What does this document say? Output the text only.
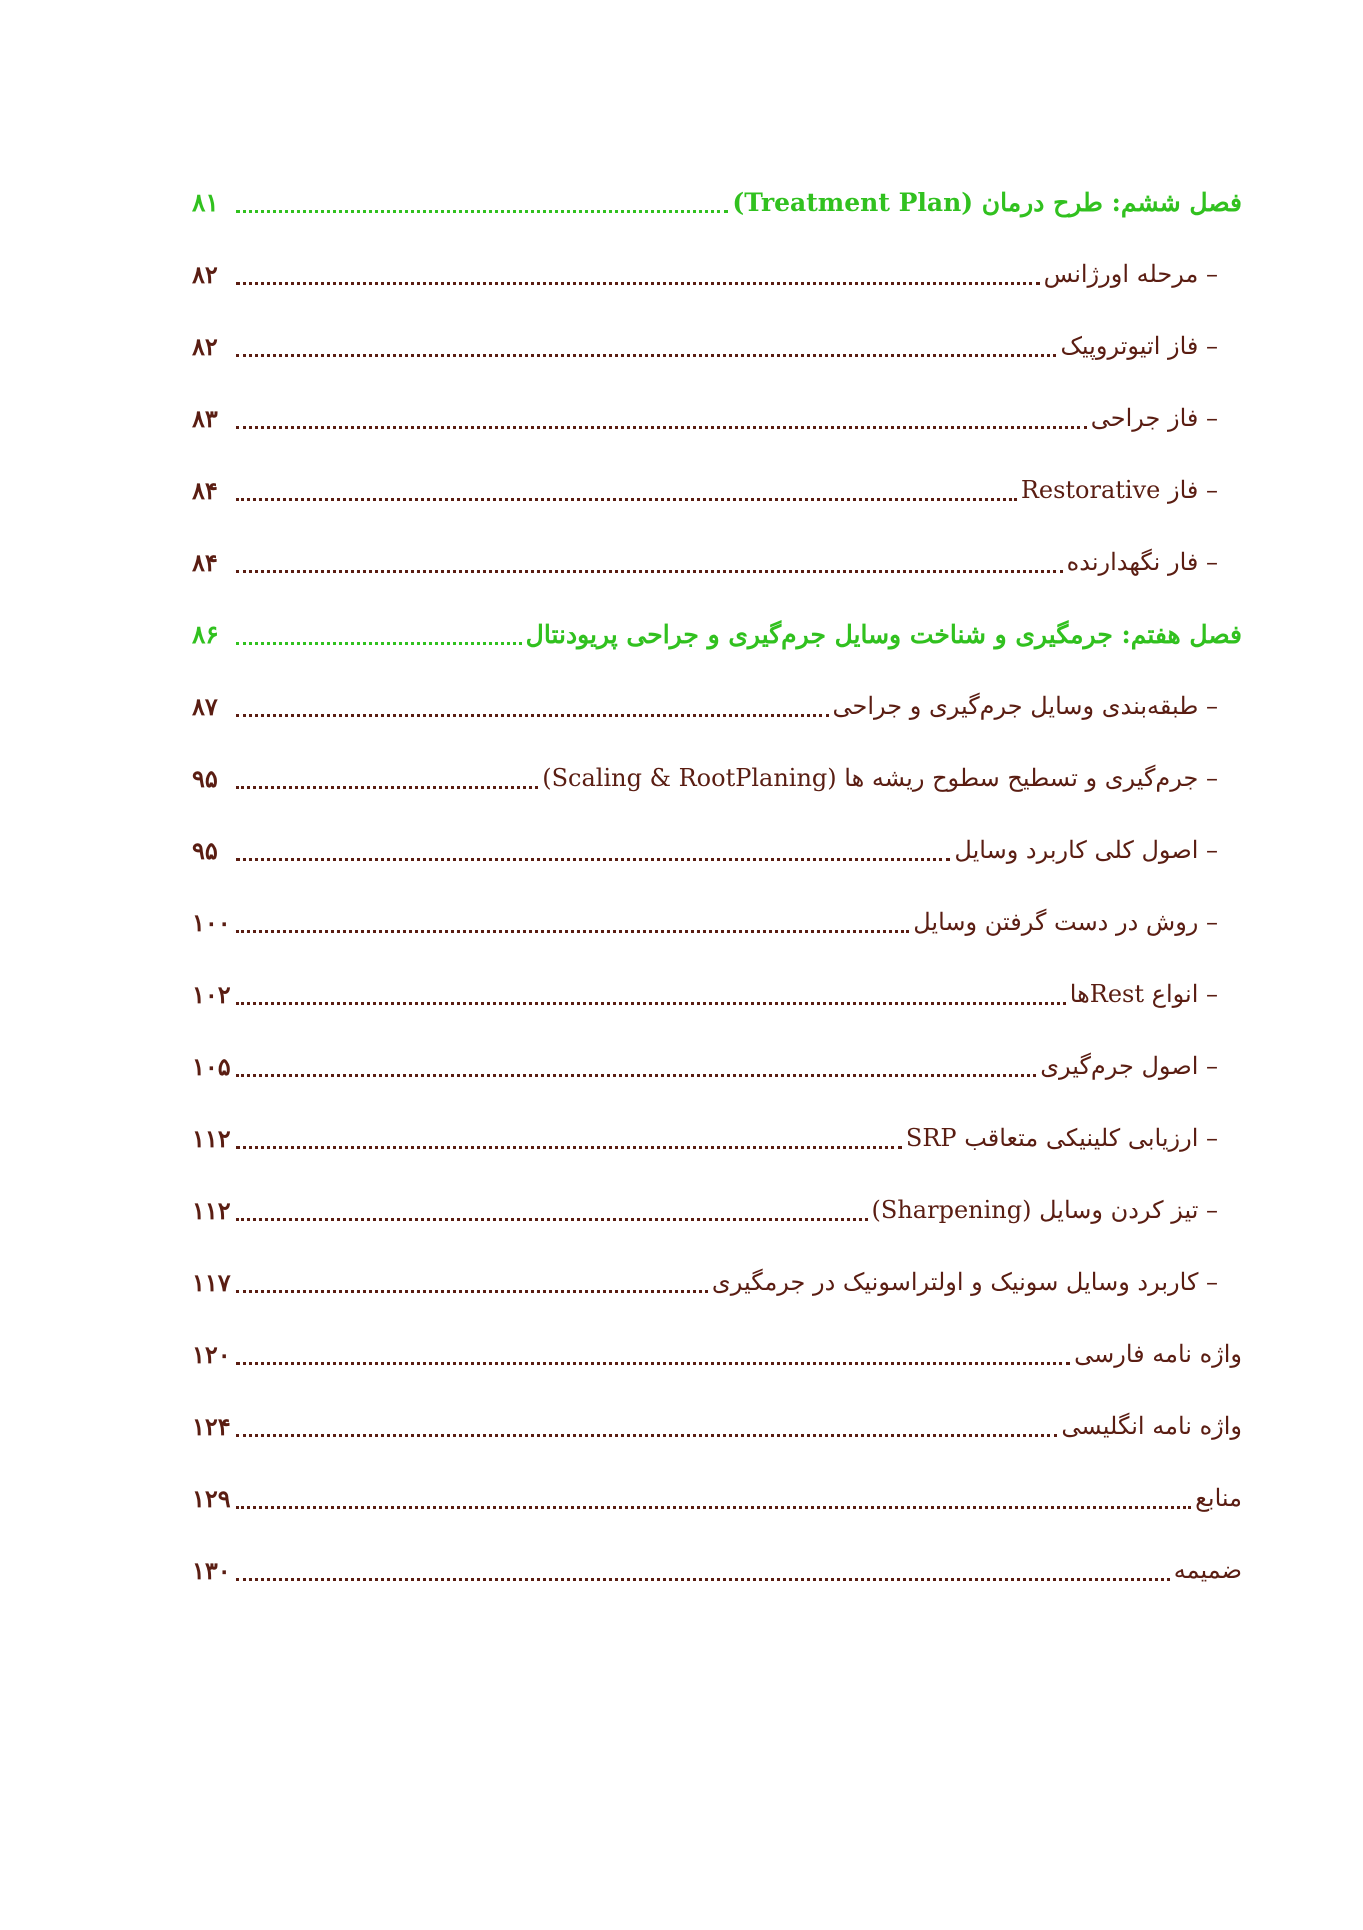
فصل ششم: طرح درمان (Treatment Plan)
۸۱
– مرحله اورژانس
۸۲
– فاز اتیوتروپیک
۸۲
– فاز جراحی
۸۳
– فاز Restorative
۸۴
– فار نگهدارنده
۸۴
فصل هفتم: جرمگیری و شناخت وسایل جرم‌گیری و جراحی پریودنتال
۸۶
– طبقه‌بندی وسایل جرم‌گیری و جراحی
۸۷
– جرم‌گیری و تسطیح سطوح ریشه ها (Scaling & RootPlaning)
۹۵
– اصول کلی کاربرد وسایل
۹۵
– روش در دست گرفتن وسایل
۱۰۰
– انواع Restها
۱۰۲
– اصول جرم‌گیری
۱۰۵
– ارزیابی کلینیکی متعاقب SRP
۱۱۲
– تیز کردن وسایل (Sharpening)
۱۱۲
– کاربرد وسایل سونیک و اولتراسونیک در جرمگیری
۱۱۷
واژه نامه فارسی
۱۲۰
واژه نامه انگلیسی
۱۲۴
منابع
۱۲۹
ضمیمه
۱۳۰
